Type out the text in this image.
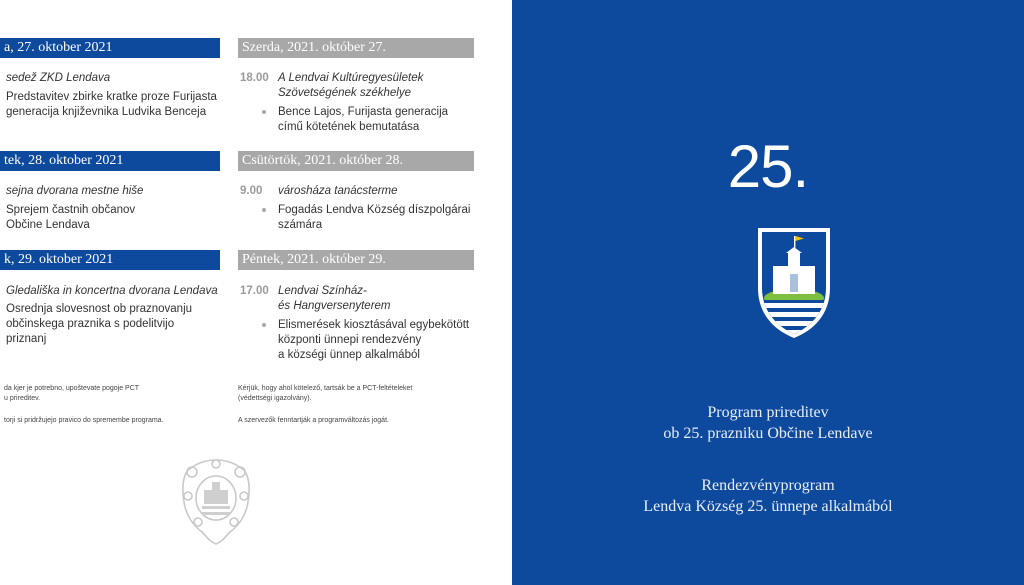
a, 27. oktober 2021	Szerda, 2021. október 27.
sedež ZKD Lendava
Predstavitev zbirke kratke proze Furijasta
generacija književnika Ludvika Benceja
18.00 A Lendvai Kultúregyesületek
Szövetségének székhelye
Bence Lajos, Furijasta generacija
című kötetének bemutatása
tek, 28. oktober 2021	Csütörtök, 2021. október 28.
sejna dvorana mestne hiše
Sprejem častnih občanov
Občine Lendava
9.00 városháza tanácsterme
Fogadás Lendva Község díszpolgárai
számára
k, 29. oktober 2021	Péntek, 2021. október 29.
Gledališka in koncertna dvorana Lendava
Osrednja slovesnost ob praznovanju
občinskega praznika s podelitvijo
priznanj
17.00 Lendvai Színház-
és Hangversenyterem
Elismerések kiosztásával egybekötött
központi ünnepi rendezvény
a községi ünnep alkalmából
da kjer je potrebno, upoštevate pogoje PCT
u prireditev.
torji si pridržujejo pravico do spremembe programa.
Kérjük, hogy ahol kötelező, tartsák be a PCT-feltételeket
(védettségi igazolvány).
A szervezők fenntartják a programváltozás jogát.
25.
Program prireditev
ob 25. prazniku Občine Lendave
Rendezvényprogram
Lendva Község 25. ünnepe alkalmából
